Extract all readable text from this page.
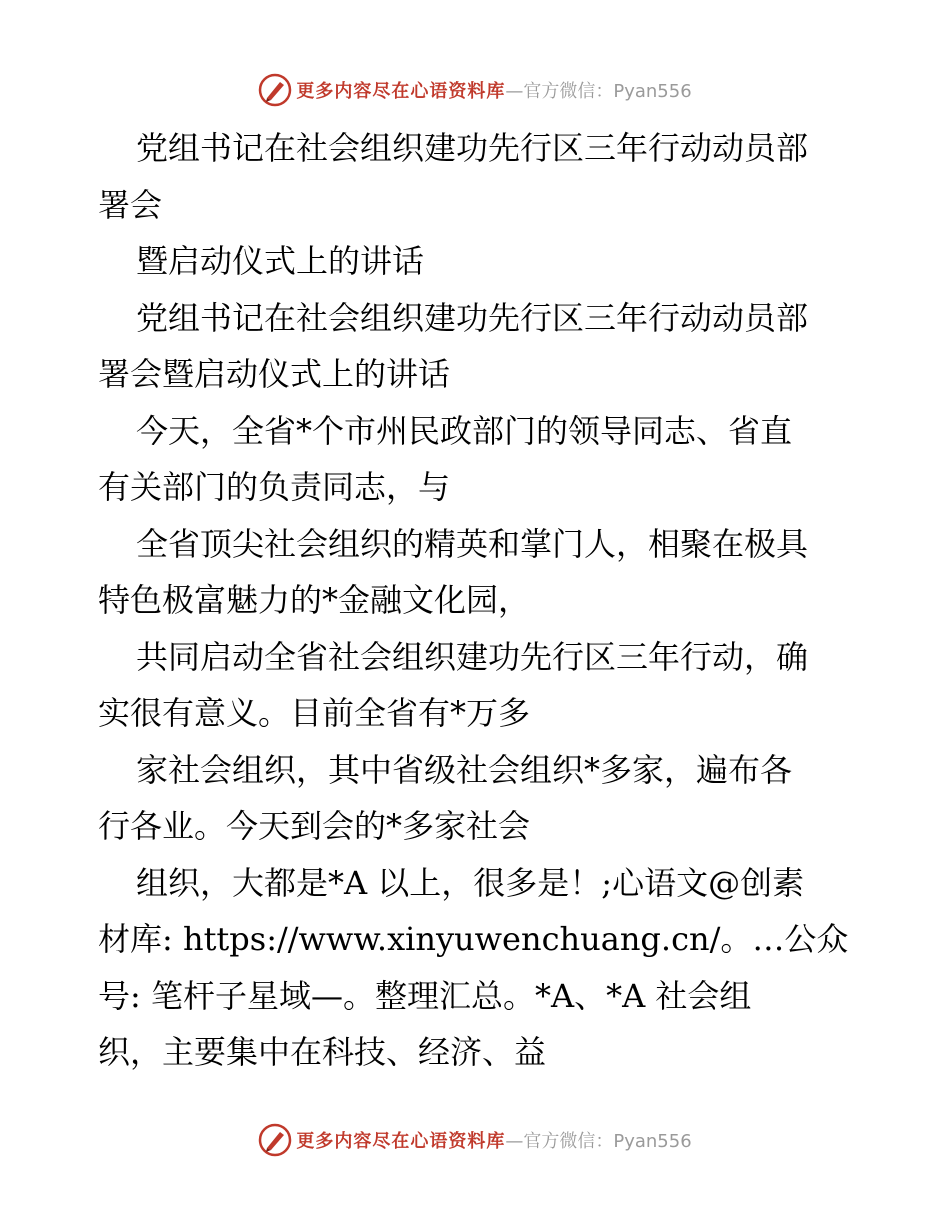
更多内容尽在心语资料库 —官方微信：Pyan556
党组书记在社会组织建功先行区三年行动动员部
署会
暨启动仪式上的讲话
党组书记在社会组织建功先行区三年行动动员部
署会暨启动仪式上的讲话
今天，全省*个市州民政部门的领导同志、省直
有关部门的负责同志，与
全省顶尖社会组织的精英和掌门人，相聚在极具
特色极富魅力的*金融文化园，
共同启动全省社会组织建功先行区三年行动，确
实很有意义。目前全省有*万多
家社会组织，其中省级社会组织*多家，遍布各
行各业。今天到会的*多家社会
组织，大都是*A 以上，很多是！;心语文@创素
材库: https://www.xinyuwenchuang.cn/。…公众
号: 笔杆子星域—。整理汇总。*A、*A 社会组
织，主要集中在科技、经济、益
更多内容尽在心语资料库 —官方微信：Pyan556
